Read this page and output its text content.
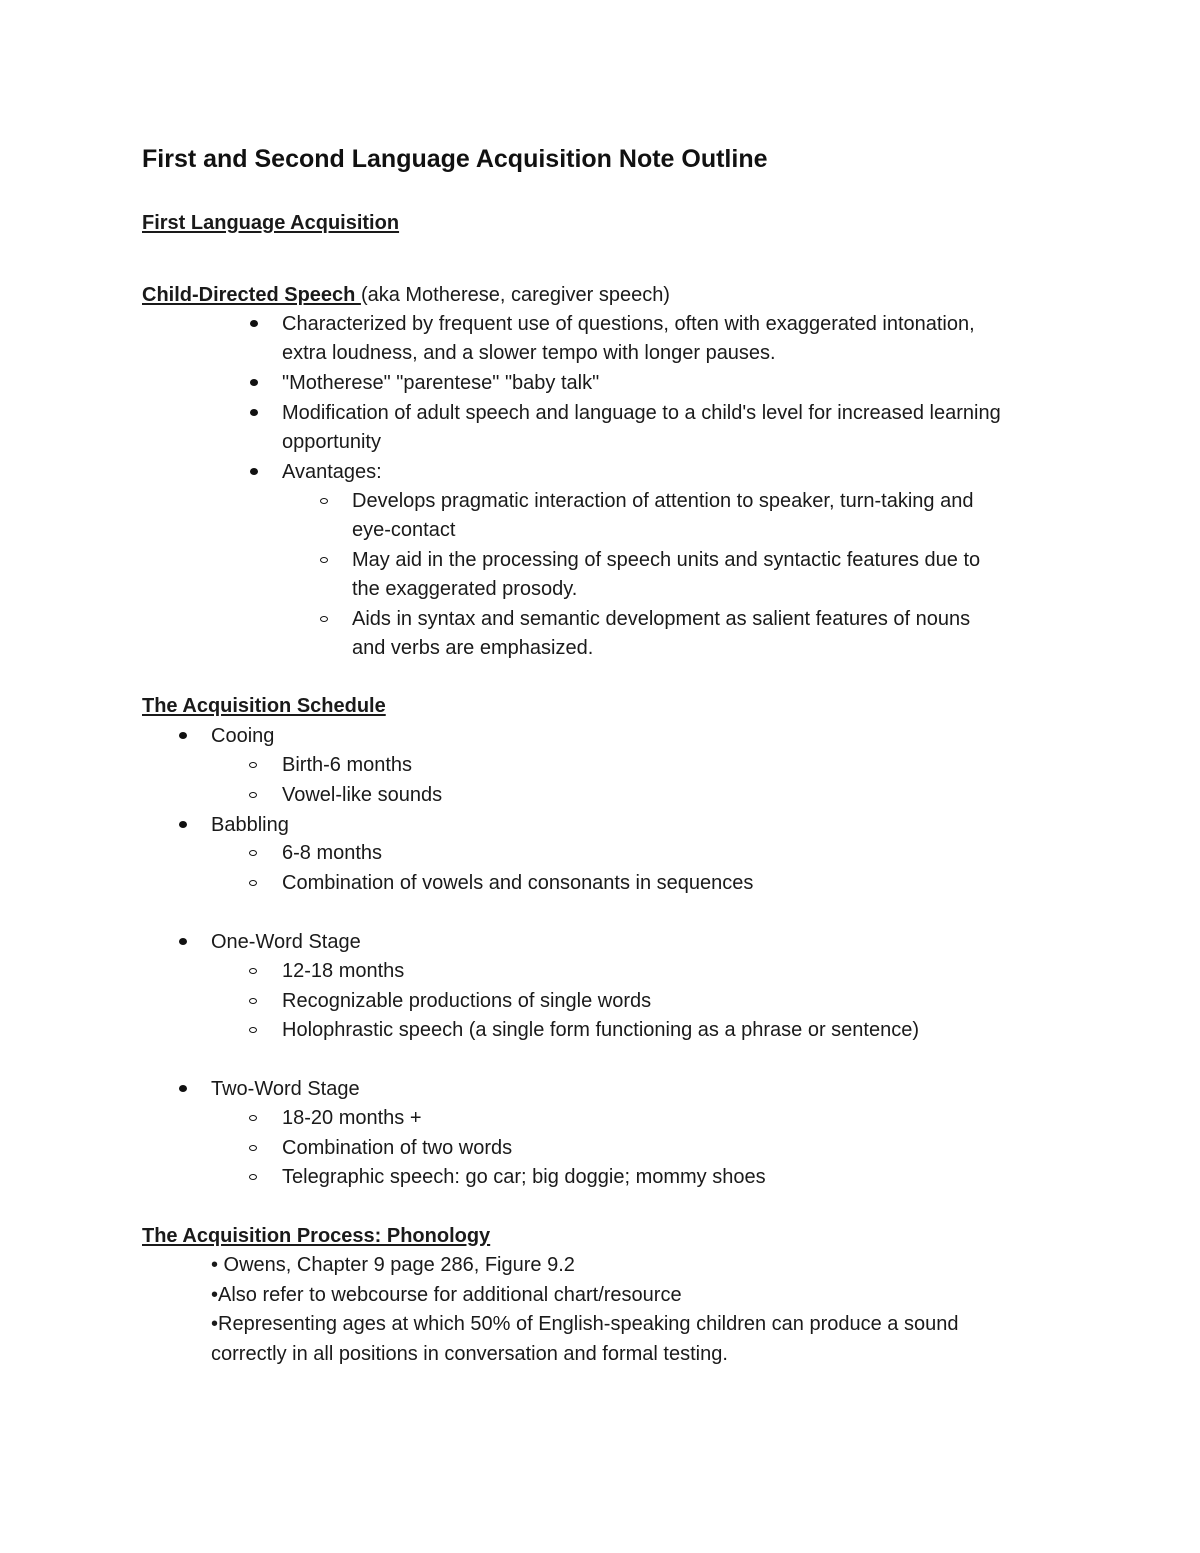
First and Second Language Acquisition Note Outline
First Language Acquisition
Child-Directed Speech (aka Motherese, caregiver speech)
Characterized by frequent use of questions, often with exaggerated intonation,
extra loudness, and a slower tempo with longer pauses.
"Motherese" "parentese" "baby talk"
Modification of adult speech and language to a child's level for increased learning
opportunity
Avantages:
Develops pragmatic interaction of attention to speaker, turn-taking and
eye-contact
May aid in the processing of speech units and syntactic features due to
the exaggerated prosody.
Aids in syntax and semantic development as salient features of nouns
and verbs are emphasized.
The Acquisition Schedule
Cooing
Birth-6 months
Vowel-like sounds
Babbling
6-8 months
Combination of vowels and consonants in sequences
One-Word Stage
12-18 months
Recognizable productions of single words
Holophrastic speech (a single form functioning as a phrase or sentence)
Two-Word Stage
18-20 months +
Combination of two words
Telegraphic speech: go car; big doggie; mommy shoes
The Acquisition Process: Phonology
• Owens, Chapter 9 page 286, Figure 9.2
•Also refer to webcourse for additional chart/resource
•Representing ages at which 50% of English-speaking children can produce a sound
correctly in all positions in conversation and formal testing.
